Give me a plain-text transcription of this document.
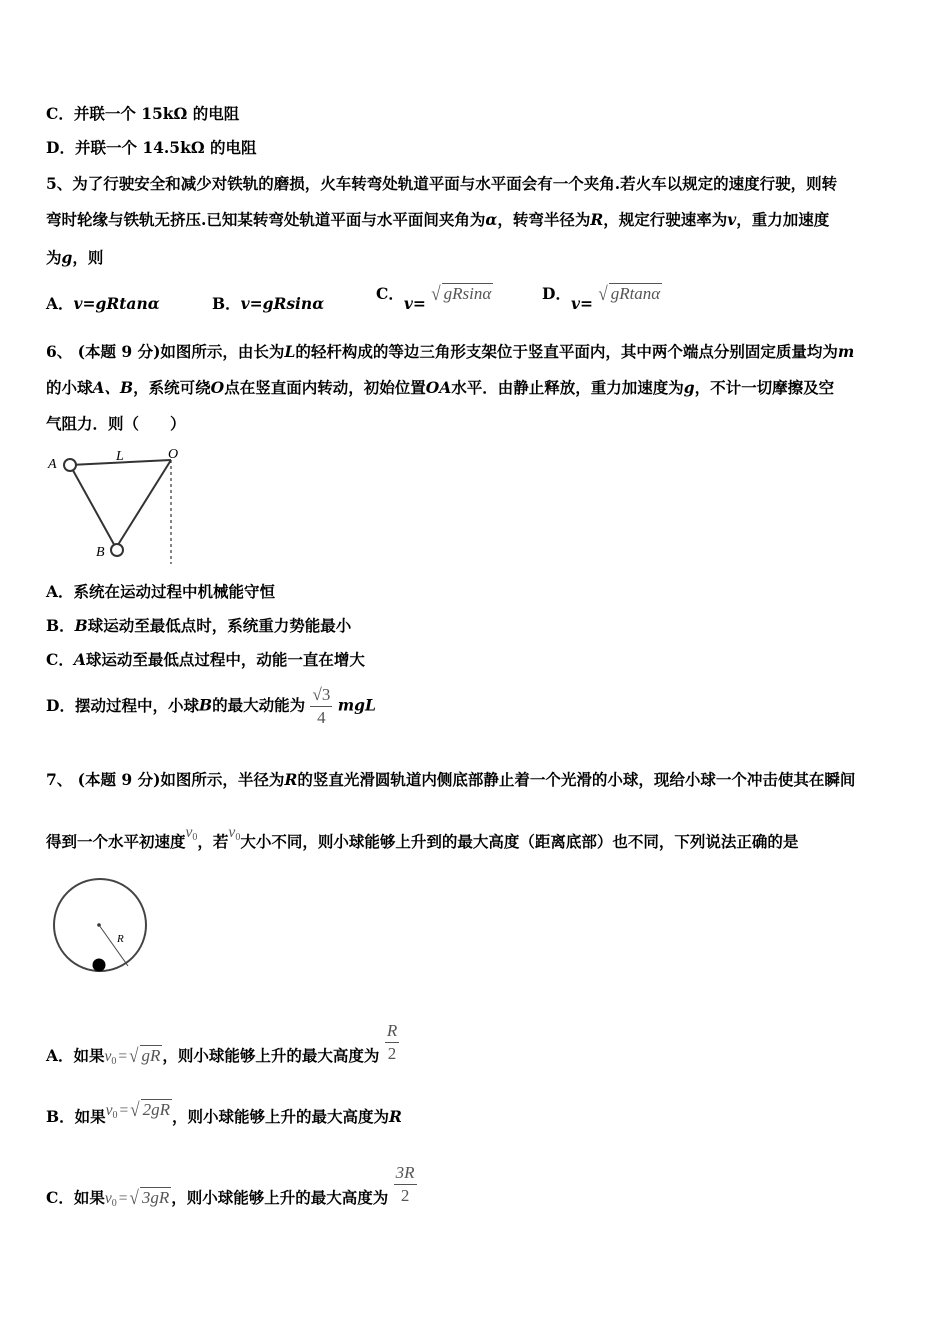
C．并联一个 15kΩ 的电阻
D．并联一个 14.5kΩ 的电阻
5、为了行驶安全和减少对铁轨的磨损，火车转弯处轨道平面与水平面会有一个夹角.若火车以规定的速度行驶，则转
弯时轮缘与铁轨无挤压.已知某转弯处轨道平面与水平面间夹角为α，转弯半径为R，规定行驶速率为v，重力加速度
为g，则
A．v=gRtanα	B．v=gRsinα
C．v= √ gRsinα	D．v= √ gRtanα
6、 (本题 9 分)如图所示，由长为L的轻杆构成的等边三角形支架位于竖直平面内，其中两个端点分别固定质量均为m
的小球A、B，系统可绕O点在竖直面内转动，初始位置OA水平．由静止释放，重力加速度为g，不计一切摩擦及空
气阻力．则（　　）
A
L	O
B
A．系统在运动过程中机械能守恒
B．B球运动至最低点时，系统重力势能最小
C．A球运动至最低点过程中，动能一直在增大
D．摆动过程中，小球B的最大动能为 $\frac{√3}{4}$ mgL
7、 (本题 9 分)如图所示，半径为R的竖直光滑圆轨道内侧底部静止着一个光滑的小球，现给小球一个冲击使其在瞬间
得到一个水平初速度v0，若v0大小不同，则小球能够上升到的最大高度（距离底部）也不同，下列说法正确的是
R
A．如果v0 = √ gR ，则小球能够上升的最大高度为 $\frac{R}{2}$
B．如果v0 = √ 2gR ，则小球能够上升的最大高度为R
C．如果v0 = √ 3gR ，则小球能够上升的最大高度为 $\frac{3R}{2}$
